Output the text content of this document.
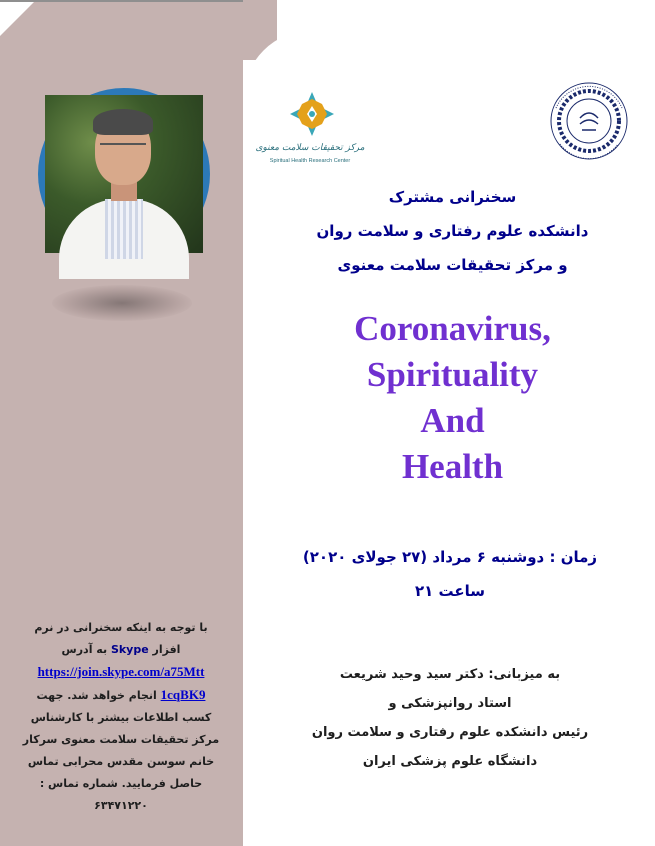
مرکز تحقیقات سلامت معنوی
Spiritual Health Research Center
سخنرانی مشترک
دانشکده علوم رفتاری و سلامت روان
و مرکز تحقیقات سلامت معنوی
Coronavirus,
Spirituality
And
Health
زمان : دوشنبه ۶ مرداد (۲۷ جولای ۲۰۲۰)
ساعت ۲۱
به میزبانی: دکتر سید وحید شریعت
استاد روانپزشکی و
رئیس دانشکده علوم رفتاری و سلامت روان
دانشگاه علوم پزشکی ایران
با توجه به اینکه سخنرانی در نرم
افزار Skype به آدرس
https://join.skype.com/a75Mtt
1cqBK9 انجام خواهد شد. جهت
کسب اطلاعات بیشتر با کارشناس
مرکز تحقیقات سلامت معنوی سرکار
خانم سوسن مقدس محرابی تماس
حاصل فرمایید. شماره تماس :
۶۳۴۷۱۲۲۰
